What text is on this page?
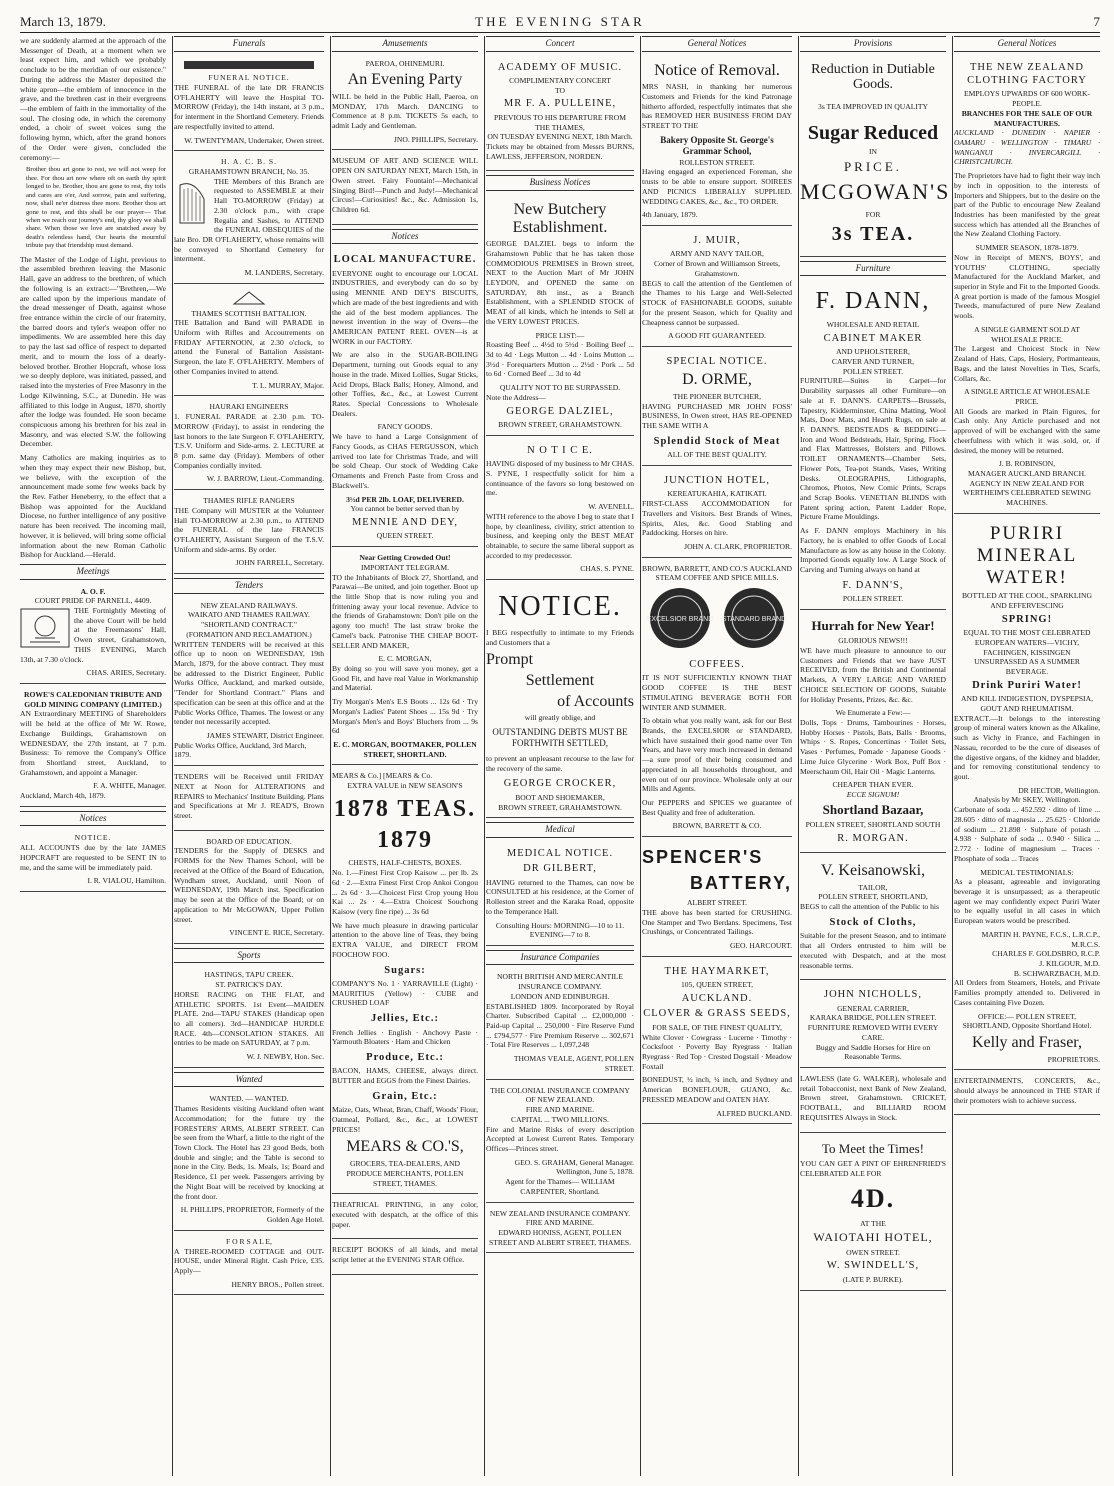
March 13, 1879.	THE EVENING STAR	7

we are suddenly alarmed at the approach of the Messenger of Death, at a moment when we least expect him, and which we probably conclude to be the meridian of our existence." During the address the Master deposited the white apron—the emblem of innocence in the grave, and the brethren cast in their evergreens—the emblem of faith in the immortality of the soul. The closing ode, in which the ceremony ended, a choir of sweet voices sung the following hymn, which, after the grand honors of the Order were given, concluded the ceremony:—

Brother thou art gone to rest, we will not weep for thee. For thou art now where oft on earth thy spirit longed to be. Brother, thou are gone to rest, thy toils and cares are o'er, And sorrow, pain and suffering, now, shall ne'er distress thee more. Brother thou art gone to rest, and this shall be our prayer— That when we reach our journey's end, thy glory we shall share. When those we love are snatched away by death's relentless hand, Our hearts the mournful tribute pay that friendship must demand.

The Master of the Lodge of Light, previous to the assembled brethren leaving the Masonic Hall, gave an address to the brethren, of which the following is an extract:—"Brethren,—We are called upon by the imperious mandate of the dread messenger of Death, against whose free entrance within the circle of our fraternity, the barred doors and tyler's weapon offer no impediments. We are assembled here this day to pay the last sad office of respect to departed merit, and to mourn the loss of a dearly-beloved brother. Brother Hopcraft, whose loss we so deeply deplore, was initiated, passed, and raised into the mysteries of Free Masonry in the Lodge Kilwinning, S.C., at Dunedin. He was affiliated to this lodge in August, 1870, shortly after the lodge was founded. He soon became conspicuous among his brethren for his zeal in Masonry, and was elected S.W. the following December.

Many Catholics are making inquiries as to when they may expect their new Bishop, but, we believe, with the exception of the announcement made some few weeks back by the Rev. Father Heneberry, to the effect that a Bishop was appointed for the Auckland Diocese, no further intelligence of any positive nature has been received. The incoming mail, however, it is believed, will bring some official information about the new Roman Catholic Bishop for Auckland.—Herald.

Meetings
A. O. F.
COURT PRIDE OF PARNELL, 4409.

THE Fortnightly Meeting of the above Court will be held at the Freemasons' Hall, Owen street, Grahamstown, THIS EVENING, March 13th, at 7.30 o'clock.

CHAS. ARIES, Secretary.
ROWE'S CALEDONIAN TRIBUTE AND GOLD MINING COMPANY (LIMITED.)

AN Extraordinary MEETING of Shareholders will be held at the office of Mr W. Rowe, Exchange Buildings, Grahamstown on WEDNESDAY, the 27th instant, at 7 p.m. Business: To remove the Company's Office from Shortland street, Auckland, to Grahamstown, and appoint a Manager.

F. A. WHITE, Manager.
Auckland, March 4th, 1879.
Notices
NOTICE.

ALL ACCOUNTS due by the late JAMES HOPCRAFT are requested to be SENT IN to me, and the same will be immediately paid.

I. R. VIALOU, Hamilton.
Funerals
FUNERAL NOTICE.

THE FUNERAL of the late DR FRANCIS O'FLAHERTY will leave the Hospital TO-MORROW (Friday), the 14th instant, at 3 p.m., for interment in the Shortland Cemetery. Friends are respectfully invited to attend.

W. TWENTYMAN, Undertaker, Owen street.
H. A. C. B. S.
GRAHAMSTOWN BRANCH, No. 35.

THE Members of this Branch are requested to ASSEMBLE at their Hall TO-MORROW (Friday) at 2.30 o'clock p.m., with crape Regalia and Sashes, to ATTEND the FUNERAL OBSEQUIES of the late Bro. DR O'FLAHERTY, whose remains will be conveyed to Shortland Cemetery for interment.

M. LANDERS, Secretary.
THAMES SCOTTISH BATTALION.

THE Battalion and Band will PARADE in Uniform with Rifles and Accoutrements on FRIDAY AFTERNOON, at 2.30 o'clock, to attend the Funeral of Battalion Assistant-Surgeon, the late F. O'FLAHERTY. Members of other Companies invited to attend.

T. L. MURRAY, Major.
HAURAKI ENGINEERS

1. FUNERAL PARADE at 2.30 p.m. TO-MORROW (Friday), to assist in rendering the last honors to the late Surgeon F. O'FLAHERTY, T.S.V. Uniform and Side-arms. 2. LECTURE at 8 p.m. same day (Friday). Members of other Companies cordially invited.

W. J. BARROW, Lieut.-Commanding.
THAMES RIFLE RANGERS

THE Company will MUSTER at the Volunteer Hall TO-MORROW at 2.30 p.m., to ATTEND the FUNERAL of the late FRANCIS O'FLAHERTY, Assistant Surgeon of the T.S.V. Uniform and side-arms. By order.

JOHN FARRELL, Secretary.
Tenders
NEW ZEALAND RAILWAYS.
WAIKATO AND THAMES RAILWAY.
"SHORTLAND CONTRACT."
(FORMATION AND RECLAMATION.)

WRITTEN TENDERS will be received at this office up to noon on WEDNESDAY, 19th March, 1879, for the above contract. They must be addressed to the District Engineer, Public Works Office, Auckland, and marked outside, "Tender for Shortland Contract." Plans and specification can be seen at this office and at the Public Works Office, Thames. The lowest or any tender not necessarily accepted.

JAMES STEWART, District Engineer.
Public Works Office, Auckland, 3rd March, 1879.

TENDERS will be Received until FRIDAY NEXT at Noon for ALTERATIONS and REPAIRS to Mechanics' Institute Building. Plans and Specifications at Mr J. READ'S, Brown street.

BOARD OF EDUCATION.

TENDERS for the Supply of DESKS and FORMS for the New Thames School, will be received at the Office of the Board of Education, Wyndham street, Auckland, until Noon of WEDNESDAY, 19th March inst. Specification may be seen at the Office of the Board; or on application to Mr McGOWAN, Upper Pollen street.

VINCENT E. RICE, Secretary.
Sports
HASTINGS, TAPU CREEK.
ST. PATRICK'S DAY.

HORSE RACING on THE FLAT, and ATHLETIC SPORTS. 1st Event—MAIDEN PLATE. 2nd—TAPU STAKES (Handicap open to all comers). 3rd—HANDICAP HURDLE RACE. 4th—CONSOLATION STAKES. All entries to be made on SATURDAY, at 7 p.m.

W. J. NEWBY, Hon. Sec.
Wanted
WANTED. — WANTED.

Thames Residents visiting Auckland often want Accommodation; for the future try the FORESTERS' ARMS, ALBERT STREET. Can be seen from the Wharf, a little to the right of the Town Clock. The Hotel has 23 good Beds, both double and single; and the Table is second to none in the City. Beds, 1s. Meals, 1s; Board and Residence, £1 per week. Passengers arriving by the Night Boat will be received by knocking at the front door.

H. PHILLIPS, PROPRIETOR, Formerly of the Golden Age Hotel.
F O R S A L E,

A THREE-ROOMED COTTAGE and OUT-HOUSE, under Mineral Right. Cash Price, £35. Apply—

HENRY BROS., Pollen street.
Amusements
PAEROA, OHINEMURI.
An Evening Party

WILL be held in the Public Hall, Paeroa, on MONDAY, 17th March. DANCING to Commence at 8 p.m. TICKETS 5s each, to admit Lady and Gentleman.

JNO. PHILLIPS, Secretary.

MUSEUM OF ART AND SCIENCE WILL OPEN ON SATURDAY NEXT, March 15th, in Owen street. Fairy Fountain!—Mechanical Singing Bird!—Punch and Judy!—Mechanical Circus!—Curiosities! &c., &c. Admission 1s, Children 6d.

Notices
LOCAL MANUFACTURE.

EVERYONE ought to encourage our LOCAL INDUSTRIES, and everybody can do so by using MENNIE AND DEY'S BISCUITS, which are made of the best ingredients and with the aid of the best modern appliances. The newest invention in the way of Ovens—the AMERICAN PATENT REEL OVEN—is at WORK in our FACTORY.

We are also in the SUGAR-BOILING Department, turning out Goods equal to any house in the trade. Mixed Lollies, Sugar Sticks, Acid Drops, Black Balls; Honey, Almond, and other Toffies, &c., &c., at Lowest Current Rates. Special Concessions to Wholesale Dealers.

FANCY GOODS.

We have to hand a Large Consignment of Fancy Goods, as CHAS FERGUSSON, which arrived too late for Christmas Trade, and will be sold Cheap. Our stock of Wedding Cake Ornaments and French Paste from Cross and Blackwell's.

3½d PER 2lb. LOAF, DELIVERED.
You cannot be better served than by
MENNIE AND DEY,
QUEEN STREET.
Near Getting Crowded Out!
IMPORTANT TELEGRAM.

TO the Inhabitants of Block 27, Shortland, and Parawai—Be united, and join together. Boot up the little Shop that is now ruling you and frittening away your local revenue. Advice to the friends of Grahamstown: Don't pile on the agony too much! The last straw broke the Camel's back. Patronise THE CHEAP BOOT-SELLER AND MAKER,

E. C. MORGAN,

By doing so you will save you money, get a Good Fit, and have real Value in Workmanship and Material.

Try Morgan's Men's E.S Boots ... 12s 6d · Try Morgan's Ladies' Patent Shoes ... 15s 9d · Try Morgan's Men's and Boys' Bluchers from ... 9s 6d

E. C. MORGAN, BOOTMAKER, POLLEN STREET, SHORTLAND.
MEARS & Co.] [MEARS & Co.
EXTRA VALUE in NEW SEASON'S
1878 TEAS. 1879
CHESTS, HALF-CHESTS, BOXES.

No. 1.—Finest First Crop Kaisow ... per lb. 2s 6d · 2.—Extra Finest First Crop Ankoi Congou ... 2s 6d · 3.—Choicest First Crop young Hou Kai ... 2s · 4.—Extra Choicest Souchong Kaisow (very fine ripe) ... 3s 6d

We have much pleasure in drawing particular attention to the above line of Teas, they being EXTRA VALUE, and DIRECT FROM FOOCHOW FOO.

Sugars:

COMPANY'S No. 1 · YARRAVILLE (Light) · MAURITIUS (Yellow) · CUBE and CRUSHED LOAF

Jellies, Etc.:

French Jellies · English · Anchovy Paste · Yarmouth Bloaters · Ham and Chicken

Produce, Etc.:

BACON, HAMS, CHEESE, always direct. BUTTER and EGGS from the Finest Dairies.

Grain, Etc.:

Maize, Oats, Wheat, Bran, Chaff, Woods' Flour, Oatmeal, Pollard, &c., &c., at LOWEST PRICES!

MEARS & CO.'S,
GROCERS, TEA-DEALERS, AND PRODUCE MERCHANTS, POLLEN STREET, THAMES.

THEATRICAL PRINTING, in any color, executed with despatch, at the office of this paper.

RECEIPT BOOKS of all kinds, and metal script letter at the EVENING STAR Office.

Concert
ACADEMY OF MUSIC.
COMPLIMENTARY CONCERT
TO
MR F. A. PULLEINE,
PREVIOUS TO HIS DEPARTURE FROM THE THAMES,
ON TUESDAY EVENING NEXT, 18th March.

Tickets may be obtained from Messrs BURNS, LAWLESS, JEFFERSON, NORDEN.

Business Notices
New Butchery Establishment.

GEORGE DALZIEL begs to inform the Grahamstown Public that he has taken those COMMODIOUS PREMISES in Brown street, NEXT to the Auction Mart of Mr JOHN LEYDON, and OPENED the same on SATURDAY, 8th inst., as a Branch Establishment, with a SPLENDID STOCK of MEAT of all kinds, which he intends to Sell at the VERY LOWEST PRICES.

PRICE LIST:—

Roasting Beef ... 4½d to 5½d · Boiling Beef ... 3d to 4d · Legs Mutton ... 4d · Loins Mutton ... 3½d · Forequarters Mutton ... 2½d · Pork ... 5d to 6d · Corned Beef ... 3d to 4d

QUALITY NOT TO BE SURPASSED.
Note the Address—
GEORGE DALZIEL,
BROWN STREET, GRAHAMSTOWN.
N O T I C E.

HAVING disposed of my business to Mr CHAS. S. PYNE, I respectfully solicit for him a continuance of the favors so long bestowed on me.

W. AVENELL.

WITH reference to the above I beg to state that I hope, by cleanliness, civility, strict attention to business, and keeping only the BEST MEAT obtainable, to secure the same liberal support as accorded to my predecessor.

CHAS. S. PYNE.
NOTICE.

I BEG respectfully to intimate to my Friends and Customers that a

Prompt
Settlement
of Accounts
will greatly oblige, and
OUTSTANDING DEBTS MUST BE FORTHWITH SETTLED,

to prevent an unpleasant recourse to the law for the recovery of the same.

GEORGE CROCKER,
BOOT AND SHOEMAKER,
BROWN STREET, GRAHAMSTOWN.
Medical
MEDICAL NOTICE.
DR GILBERT,

HAVING returned to the Thames, can now be CONSULTED at his residence, at the Corner of Rolleston street and the Karaka Road, opposite to the Temperance Hall.

Consulting Hours: MORNING—10 to 11. EVENING—7 to 8.
Insurance Companies
NORTH BRITISH AND MERCANTILE INSURANCE COMPANY.
LONDON AND EDINBURGH.

ESTABLISHED 1809. Incorporated by Royal Charter. Subscribed Capital ... £2,000,000 · Paid-up Capital ... 250,000 · Fire Reserve Fund ... £794,577 · Fire Premium Reserve ... 302,671 · Total Fire Reserves ... 1,097,248

THOMAS VEALE, AGENT, POLLEN STREET.
THE COLONIAL INSURANCE COMPANY OF NEW ZEALAND.
FIRE AND MARINE.
CAPITAL ... TWO MILLIONS.

Fire and Marine Risks of every description Accepted at Lowest Current Rates. Temporary Offices—Princes street.

GEO. S. GRAHAM, General Manager. Wellington, June 5, 1878.
Agent for the Thames— WILLIAM CARPENTER, Shortland.
NEW ZEALAND INSURANCE COMPANY.
FIRE AND MARINE.
EDWARD HONISS, AGENT, POLLEN STREET AND ALBERT STREET, THAMES.
General Notices
Notice of Removal.

MRS NASH, in thanking her numerous Customers and Friends for the kind Patronage hitherto afforded, respectfully intimates that she has REMOVED HER BUSINESS FROM DAY STREET TO THE

Bakery Opposite St. George's Grammar School,
ROLLESTON STREET.

Having engaged an experienced Foreman, she trusts to be able to ensure support. SOIREES AND PICNICS LIBERALLY SUPPLIED. WEDDING CAKES, &c., &c., TO ORDER.

4th January, 1879.
J. MUIR,
ARMY AND NAVY TAILOR,
Corner of Brown and Williamson Streets, Grahamstown.

BEGS to call the attention of the Gentlemen of the Thames to his Large and Well-Selected STOCK of FASHIONABLE GOODS, suitable for the present Season, which for Quality and Cheapness cannot be surpassed.

A GOOD FIT GUARANTEED.
SPECIAL NOTICE.
D. ORME,
THE PIONEER BUTCHER,

HAVING PURCHASED MR JOHN FOSS' BUSINESS, In Owen street, HAS RE-OPENED THE SAME WITH A

Splendid Stock of Meat
ALL OF THE BEST QUALITY.
JUNCTION HOTEL,
KEREATUKAHIA, KATIKATI.

FIRST-CLASS ACCOMMODATION for Travellers and Visitors. Best Brands of Wines, Spirits, Ales, &c. Good Stabling and Paddocking. Horses on hire.

JOHN A. CLARK, PROPRIETOR.
BROWN, BARRETT, AND CO.'S AUCKLAND STEAM COFFEE AND SPICE MILLS.
EXCELSIOR BRAND STANDARD BRAND
COFFEES.

IT IS NOT SUFFICIENTLY KNOWN THAT GOOD COFFEE IS THE BEST STIMULATING BEVERAGE BOTH FOR WINTER AND SUMMER.

To obtain what you really want, ask for our Best Brands, the EXCELSIOR or STANDARD, which have sustained their good name over Ten Years, and have very much increased in demand—a sure proof of their being consumed and appreciated in all households throughout, and even out of our province. Wholesale only at our Mills and Agents.

Our PEPPERS and SPICES we guarantee of Best Quality and free of adulteration.

BROWN, BARRETT & CO.
SPENCER'S
BATTERY,
ALBERT STREET.

THE above has been started for CRUSHING. One Stamper and Two Berdans. Specimens, Test Crushings, or Concentrated Tailings.

GEO. HARCOURT.
THE HAYMARKET,
105, QUEEN STREET,
AUCKLAND.
CLOVER & GRASS SEEDS,
FOR SALE, OF THE FINEST QUALITY,

White Clover · Cowgrass · Lucerne · Timothy · Cocksfoot · Poverty Bay Ryegrass · Italian Ryegrass · Red Top · Crested Dogstail · Meadow Foxtail

BONEDUST, ½ inch, ¼ inch, and Sydney and American BONEFLOUR, GUANO, &c. PRESSED MEADOW and OATEN HAY.

ALFRED BUCKLAND.
Provisions
Reduction in Dutiable Goods.
3s TEA IMPROVED IN QUALITY
Sugar Reduced
IN
PRICE.
MCGOWAN'S
FOR
3s TEA.
Furniture
F. DANN,
WHOLESALE AND RETAIL
CABINET MAKER
AND UPHOLSTERER,
CARVER AND TURNER,
POLLEN STREET.

FURNITURE—Suites in Carpet—for Durability surpasses all other Furniture—on sale at F. DANN'S. CARPETS—Brussels, Tapestry, Kidderminster, China Matting, Wool Mats, Door Mats, and Hearth Rugs, on sale at F. DANN'S. BEDSTEADS & BEDDING—Iron and Wood Bedsteads, Hair, Spring, Flock and Flax Mattresses, Bolsters and Pillows. TOILET ORNAMENTS—Chamber Sets, Flower Pots, Tea-pot Stands, Vases, Writing Desks. OLEOGRAPHS, Lithographs, Chromos, Photos, New Comic Prints, Scraps and Scrap Books. VENETIAN BLINDS with Patent spring action, Patent Ladder Rope, Picture Frame Mouldings.

As F. DANN employs Machinery in his Factory, he is enabled to offer Goods of Local Manufacture as low as any house in the Colony. Imported Goods equally low. A Large Stock of Carving and Turning always on hand at

F. DANN'S,
POLLEN STREET.
Hurrah for New Year!
GLORIOUS NEWS!!!

WE have much pleasure to announce to our Customers and Friends that we have JUST RECEIVED, from the British and Continental Markets, A VERY LARGE AND VARIED CHOICE SELECTION OF GOODS, Suitable for Holiday Presents, Prizes, &c. &c.

We Enumerate a Few:—

Dolls, Tops · Drums, Tambourines · Horses, Hobby Horses · Pistols, Bats, Balls · Brooms, Whips · S. Ropes, Concertinas · Toilet Sets, Vases · Perfumes, Pomade · Japanese Goods · Lime Juice Glycerine · Work Box, Puff Box · Meerschaum Oil, Hair Oil · Magic Lanterns.

CHEAPER THAN EVER.
ECCE SIGNUM!
Shortland Bazaar,
POLLEN STREET, SHORTLAND SOUTH
R. MORGAN.
V. Keisanowski,
TAILOR,
POLLEN STREET, SHORTLAND,

BEGS to call the attention of the Public to his

Stock of Cloths,

Suitable for the present Season, and to intimate that all Orders entrusted to him will be executed with Despatch, and at the most reasonable terms.

JOHN NICHOLLS,
GENERAL CARRIER,
KARAKA BRIDGE, POLLEN STREET.
FURNITURE REMOVED WITH EVERY CARE.
Buggy and Saddle Horses for Hire on Reasonable Terms.

LAWLESS (late G. WALKER), wholesale and retail Tobacconist, next Bank of New Zealand, Brown street, Grahamstown. CRICKET, FOOTBALL, and BILLIARD ROOM REQUISITES Always in Stock.

To Meet the Times!

YOU CAN GET A PINT OF EHRENFRIED'S CELEBRATED ALE FOR

4D.
AT THE
WAIOTAHI HOTEL,
OWEN STREET.
W. SWINDELL'S,
(LATE P. BURKE).
General Notices
THE NEW ZEALAND CLOTHING FACTORY
EMPLOYS UPWARDS OF 600 WORK-PEOPLE.
BRANCHES FOR THE SALE OF OUR MANUFACTURES.

AUCKLAND · DUNEDIN · NAPIER · OAMARU · WELLINGTON · TIMARU · WANGANUI · INVERCARGILL · CHRISTCHURCH.

The Proprietors have had to fight their way inch by inch in opposition to the interests of Importers and Shippers, but to the desire on the part of the Public to encourage New Zealand Industries has been manifested by the great success which has attended all the Branches of the New Zealand Clothing Factory.

SUMMER SEASON, 1878-1879.

Now in Receipt of MEN'S, BOYS', and YOUTHS' CLOTHING, specially Manufactured for the Auckland Market, and superior in Style and Fit to the Imported Goods. A great portion is made of the famous Mosgiel Tweeds, manufactured of pure New Zealand wools.

A SINGLE GARMENT SOLD AT WHOLESALE PRICE.

The Largest and Choicest Stock in New Zealand of Hats, Caps, Hosiery, Portmanteaus, Bags, and the latest Novelties in Ties, Scarfs, Collars, &c.

A SINGLE ARTICLE AT WHOLESALE PRICE.

All Goods are marked in Plain Figures, for Cash only. Any Article purchased and not approved of will be exchanged with the same cheerfulness with which it was sold, or, if desired, the money will be returned.

J. B. ROBINSON,
MANAGER AUCKLAND BRANCH.
AGENCY IN NEW ZEALAND FOR WERTHEIM'S CELEBRATED SEWING MACHINES.
PURIRI MINERAL WATER!
BOTTLED AT THE COOL, SPARKLING AND EFFERVESCING
SPRING!
EQUAL TO THE MOST CELEBRATED EUROPEAN WATERS—VICHY, FACHINGEN, KISSINGEN
UNSURPASSED AS A SUMMER BEVERAGE.
Drink Puriri Water!
AND KILL INDIGESTION, DYSPEPSIA, GOUT AND RHEUMATISM.

EXTRACT.—It belongs to the interesting group of mineral waters known as the Alkaline, such as Vichy in France, and Fachingen in Nassau, recorded to be the cure of diseases of the digestive organs, of the kidney and bladder, and for removing constitutional tendency to gout.

DR HECTOR, Wellington.
Analysis by Mr SKEY, Wellington.

Carbonate of soda ... 452.592 · ditto of lime ... 28.605 · ditto of magnesia ... 25.625 · Chloride of sodium ... 21.898 · Sulphate of potash ... 4.938 · Sulphate of soda ... 0.940 · Silica ... 2.772 · Iodine of magnesium ... Traces · Phosphate of soda ... Traces

MEDICAL TESTIMONIALS:

As a pleasant, agreeable and invigorating beverage it is unsurpassed; as a therapeutic agent we may confidently expect Puriri Water to be equally useful in all cases in which European waters would be prescribed.

MARTIN H. PAYNE, F.C.S., L.R.C.P., M.R.C.S.
CHARLES F. GOLDSBRO, R.C.P.
J. KILGOUR, M.D.
B. SCHWARZBACH, M.D.

All Orders from Steamers, Hotels, and Private Families promptly attended to. Delivered in Cases containing Five Dozen.

OFFICE:— POLLEN STREET, SHORTLAND, Opposite Shortland Hotel.
Kelly and Fraser,
PROPRIETORS.

ENTERTAINMENTS, CONCERTS, &c., should always be announced in THE STAR if their promoters wish to achieve success.
